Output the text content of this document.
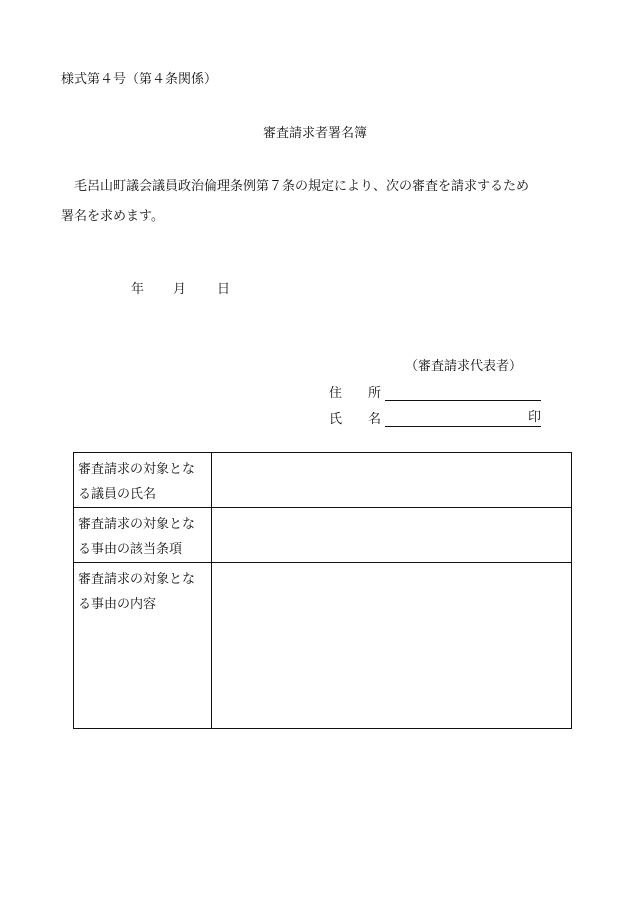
様式第４号（第４条関係）
審査請求者署名簿

毛呂山町議会議員政治倫理条例第７条の規定により、次の審査を請求するため

署名を求めます。

年	月	日
（審査請求代表者）
住　　所
氏　　名	印
審査請求の対象とな
る議員の氏名	

審査請求の対象とな
る事由の該当条項	

審査請求の対象とな
る事由の内容	
